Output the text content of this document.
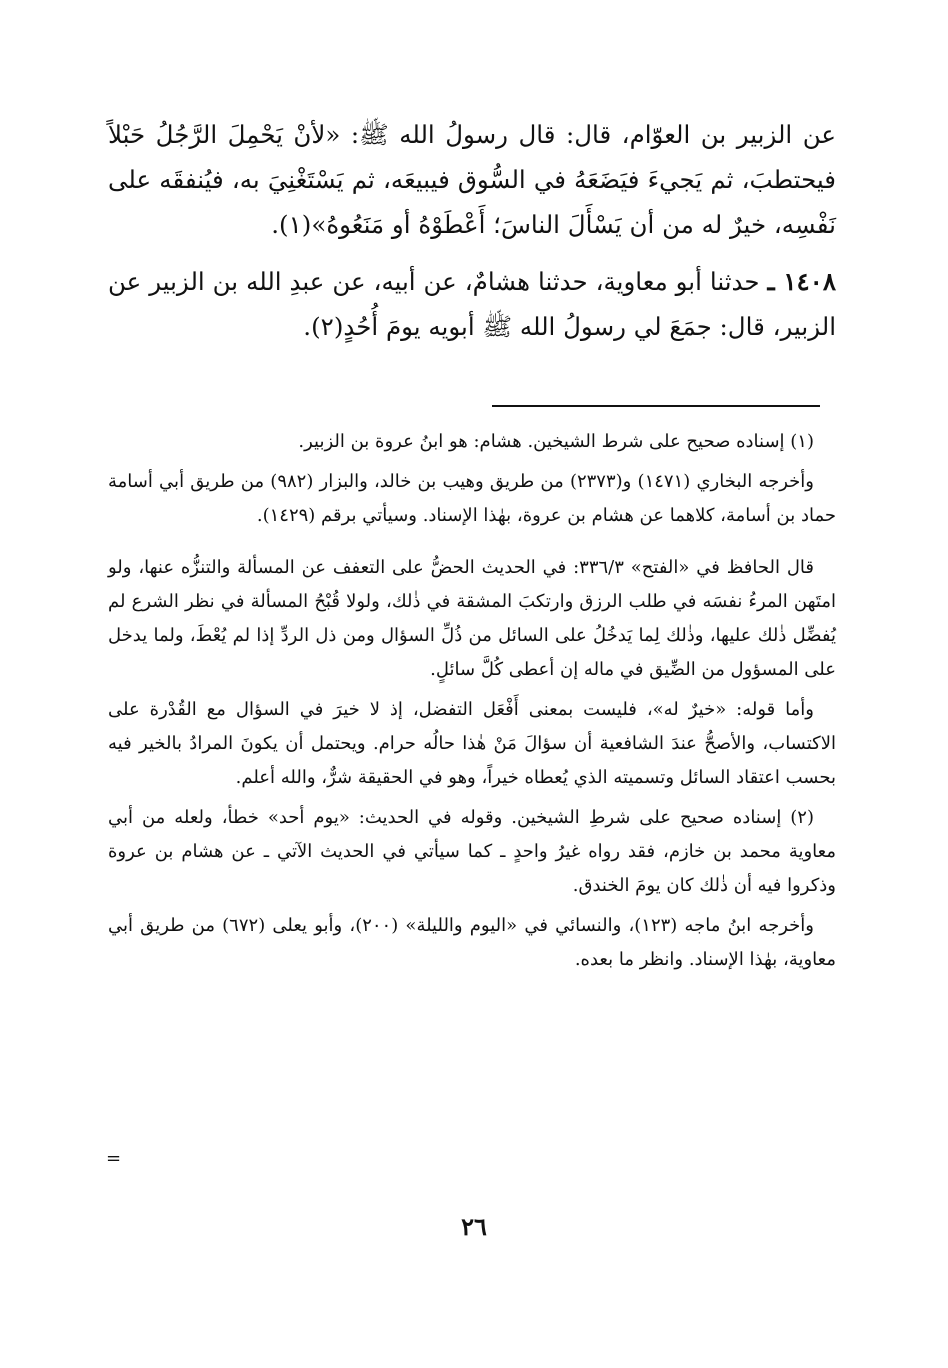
عن الزبير بن العوّام، قال: قال رسولُ الله ﷺ: «لأنْ يَحْمِلَ الرَّجُلُ حَبْلاً فيحتطبَ، ثم يَجيءَ فيَضَعَهُ في السُّوق فيبيعَه، ثم يَسْتَغْنِيَ به، فيُنفقَه على نَفْسِه، خيرٌ له من أن يَسْأَلَ الناسَ؛ أَعْطَوْهُ أو مَنَعُوهُ»(١).

١٤٠٨ ـ حدثنا أبو معاوية، حدثنا هشامٌ، عن أبيه، عن عبدِ الله بن الزبير عن الزبير، قال: جمَعَ لي رسولُ الله ﷺ أبويه يومَ أُحُدٍ(٢).

(١) إسناده صحيح على شرط الشيخين. هشام: هو ابنُ عروة بن الزبير.

وأخرجه البخاري (١٤٧١) و(٢٣٧٣) من طريق وهيب بن خالد، والبزار (٩٨٢) من طريق أبي أسامة حماد بن أسامة، كلاهما عن هشام بن عروة، بهٰذا الإسناد. وسيأتي برقم (١٤٢٩).

قال الحافظ في «الفتح» ٣٣٦/٣: في الحديث الحضُّ على التعفف عن المسألة والتنزُّه عنها، ولو امتَهن المرءُ نفسَه في طلب الرزق وارتكبَ المشقة في ذٰلك، ولولا قُبْحُ المسألة في نظر الشرع لم يُفضِّل ذٰلك عليها، وذٰلك لِما يَدخُلُ على السائل من ذُلِّ السؤال ومن ذل الردِّ إذا لم يُعْطَ، ولما يدخل على المسؤول من الضِّيق في ماله إن أعطى كُلَّ سائلٍ.

وأما قوله: «خيرٌ له»، فليست بمعنى أَفْعَل التفضل، إذ لا خيرَ في السؤال مع القُدْرة على الاكتساب، والأصحُّ عندَ الشافعية أن سؤالَ مَنْ هٰذا حالُه حرام. ويحتمل أن يكونَ المرادُ بالخير فيه بحسب اعتقاد السائل وتسميته الذي يُعطاه خيراً، وهو في الحقيقة شرٌّ، والله أعلم.

(٢) إسناده صحيح على شرطِ الشيخين. وقوله في الحديث: «يوم أحد» خطأ، ولعله من أبي معاوية محمد بن خازم، فقد رواه غيرُ واحدٍ ـ كما سيأتي في الحديث الآتي ـ عن هشام بن عروة وذكروا فيه أن ذٰلك كان يومَ الخندق.

وأخرجه ابنُ ماجه (١٢٣)، والنسائي في «اليوم والليلة» (٢٠٠)، وأبو يعلى (٦٧٢) من طريق أبي معاوية، بهٰذا الإسناد. وانظر ما بعده.

=
٢٦
